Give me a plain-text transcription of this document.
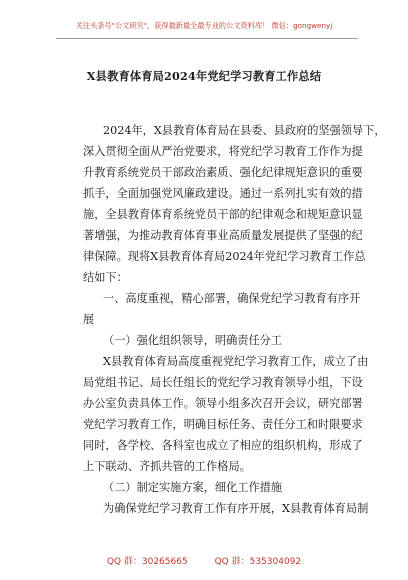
关注头条号"公文研究"，获得最新最全最专业的公文资料库！ 微信：gongwenyj
X县教育体育局2024年党纪学习教育工作总结
2024年，X县教育体育局在县委、县政府的坚强领导下，
深入贯彻全面从严治党要求，将党纪学习教育工作作为提
升教育系统党员干部政治素质、强化纪律规矩意识的重要
抓手，全面加强党风廉政建设。通过一系列扎实有效的措
施，全县教育体育系统党员干部的纪律观念和规矩意识显
著增强，为推动教育体育事业高质量发展提供了坚强的纪
律保障。现将X县教育体育局2024年党纪学习教育工作总
结如下：
一、高度重视，精心部署，确保党纪学习教育有序开
展
（一）强化组织领导，明确责任分工
X县教育体育局高度重视党纪学习教育工作，成立了由
局党组书记、局长任组长的党纪学习教育领导小组，下设
办公室负责具体工作。领导小组多次召开会议，研究部署
党纪学习教育工作，明确目标任务、责任分工和时限要求
同时，各学校、各科室也成立了相应的组织机构，形成了
上下联动、齐抓共管的工作格局。
（二）制定实施方案，细化工作措施
为确保党纪学习教育工作有序开展，X县教育体育局制
QQ 群：30265665	QQ 群：535304092
